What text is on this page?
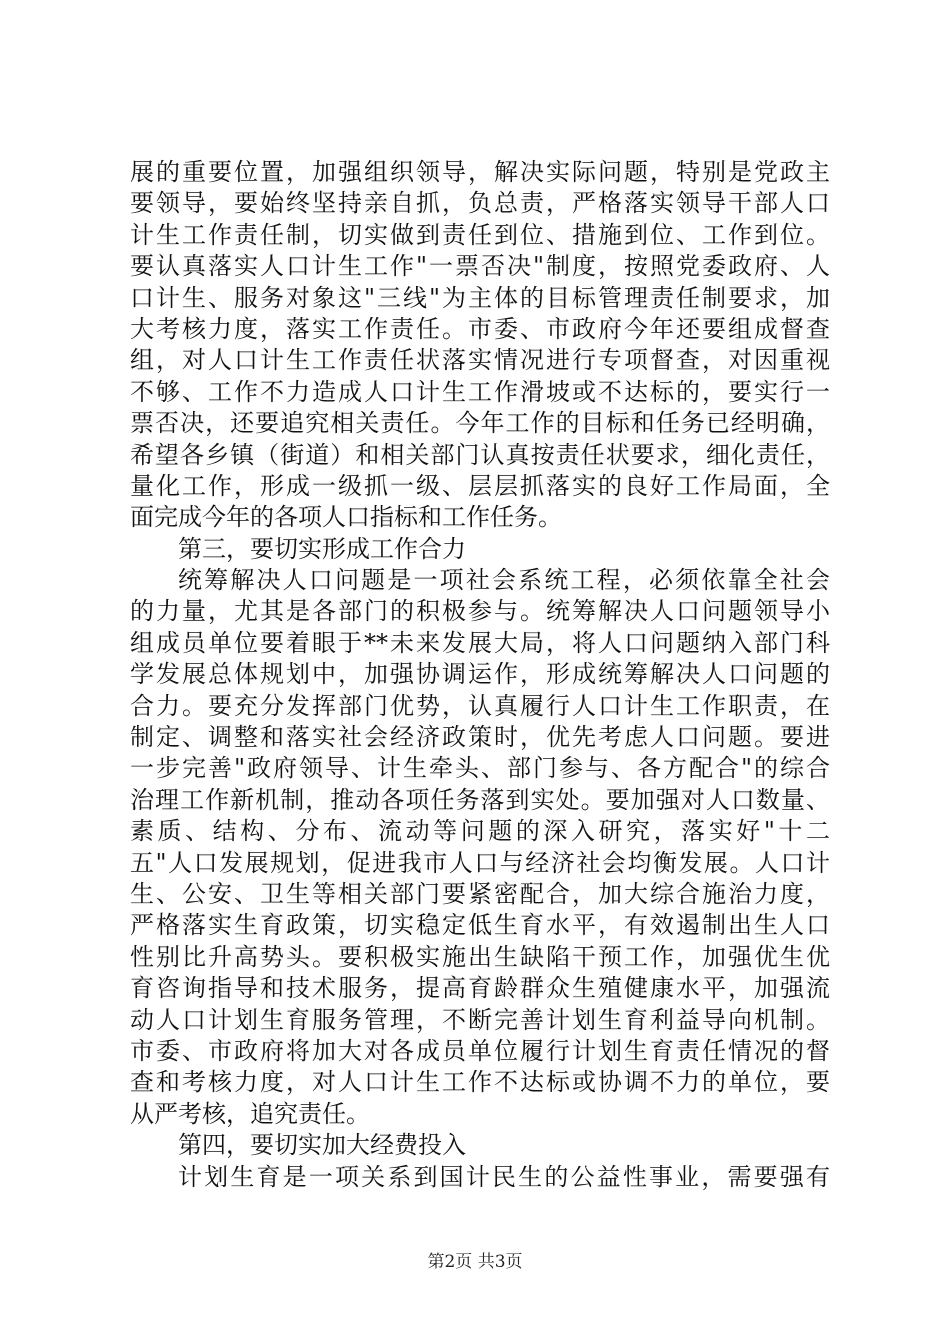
展的重要位置，加强组织领导，解决实际问题，特别是党政主
要领导，要始终坚持亲自抓，负总责，严格落实领导干部人口
计生工作责任制，切实做到责任到位、措施到位、工作到位。
要认真落实人口计生工作"一票否决"制度，按照党委政府、人
口计生、服务对象这"三线"为主体的目标管理责任制要求，加
大考核力度，落实工作责任。市委、市政府今年还要组成督查
组，对人口计生工作责任状落实情况进行专项督查，对因重视
不够、工作不力造成人口计生工作滑坡或不达标的，要实行一
票否决，还要追究相关责任。今年工作的目标和任务已经明确，
希望各乡镇（街道）和相关部门认真按责任状要求，细化责任，
量化工作，形成一级抓一级、层层抓落实的良好工作局面，全
面完成今年的各项人口指标和工作任务。
第三，要切实形成工作合力
统筹解决人口问题是一项社会系统工程，必须依靠全社会
的力量，尤其是各部门的积极参与。统筹解决人口问题领导小
组成员单位要着眼于**未来发展大局，将人口问题纳入部门科
学发展总体规划中，加强协调运作，形成统筹解决人口问题的
合力。要充分发挥部门优势，认真履行人口计生工作职责，在
制定、调整和落实社会经济政策时，优先考虑人口问题。要进
一步完善"政府领导、计生牵头、部门参与、各方配合"的综合
治理工作新机制，推动各项任务落到实处。要加强对人口数量、
素质、结构、分布、流动等问题的深入研究，落实好"十二
五"人口发展规划，促进我市人口与经济社会均衡发展。人口计
生、公安、卫生等相关部门要紧密配合，加大综合施治力度，
严格落实生育政策，切实稳定低生育水平，有效遏制出生人口
性别比升高势头。要积极实施出生缺陷干预工作，加强优生优
育咨询指导和技术服务，提高育龄群众生殖健康水平，加强流
动人口计划生育服务管理，不断完善计划生育利益导向机制。
市委、市政府将加大对各成员单位履行计划生育责任情况的督
查和考核力度，对人口计生工作不达标或协调不力的单位，要
从严考核，追究责任。
第四，要切实加大经费投入
计划生育是一项关系到国计民生的公益性事业，需要强有
第2页 共3页
